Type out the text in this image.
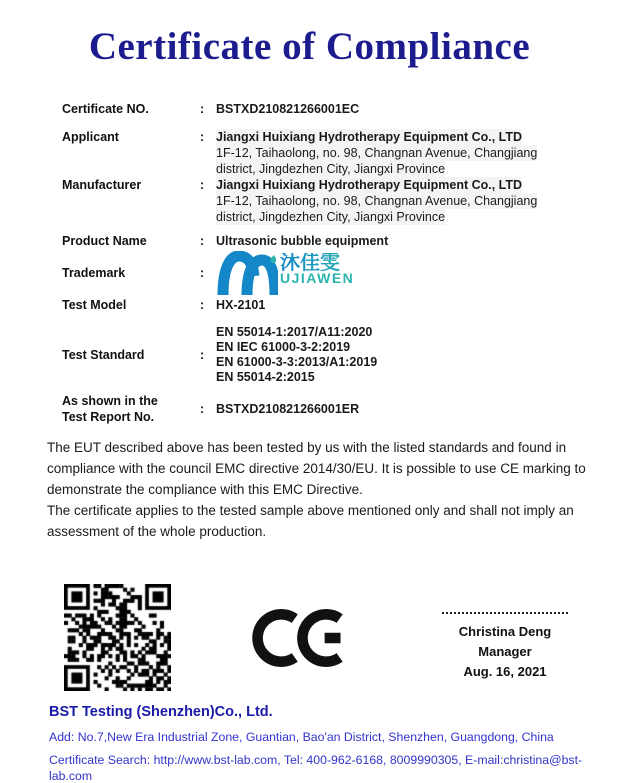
Certificate of Compliance
Certificate NO.	: BSTXD210821266001EC
Applicant	: Jiangxi Huixiang Hydrotherapy Equipment Co., LTD 1F-12, Taihaolong, no. 98, Changnan Avenue, Changjiang district, Jingdezhen City, Jiangxi Province
Manufacturer	: Jiangxi Huixiang Hydrotherapy Equipment Co., LTD 1F-12, Taihaolong, no. 98, Changnan Avenue, Changjiang district, Jingdezhen City, Jiangxi Province
Product Name	: Ultrasonic bubble equipment
Trademark	:	沐佳雯
UJIAWEN
Test Model	: HX-2101
Test Standard	:
EN 55014-1:2017/A11:2020
EN IEC 61000-3-2:2019
EN 61000-3-3:2013/A1:2019
EN 55014-2:2015
As shown in the
Test Report No.
: BSTXD210821266001ER
The EUT described above has been tested by us with the listed standards and found in compliance with the council EMC directive 2014/30/EU. It is possible to use CE marking to demonstrate the compliance with this EMC Directive.
The certificate applies to the tested sample above mentioned only and shall not imply an assessment of the whole production.
Christina Deng
Manager
Aug. 16, 2021
BST Testing (Shenzhen)Co., Ltd.
Add: No.7,New Era Industrial Zone, Guantian, Bao'an District, Shenzhen, Guangdong, China
Certificate Search: http://www.bst-lab.com, Tel: 400-962-6168, 8009990305, E-mail:christina@bst-lab.com
